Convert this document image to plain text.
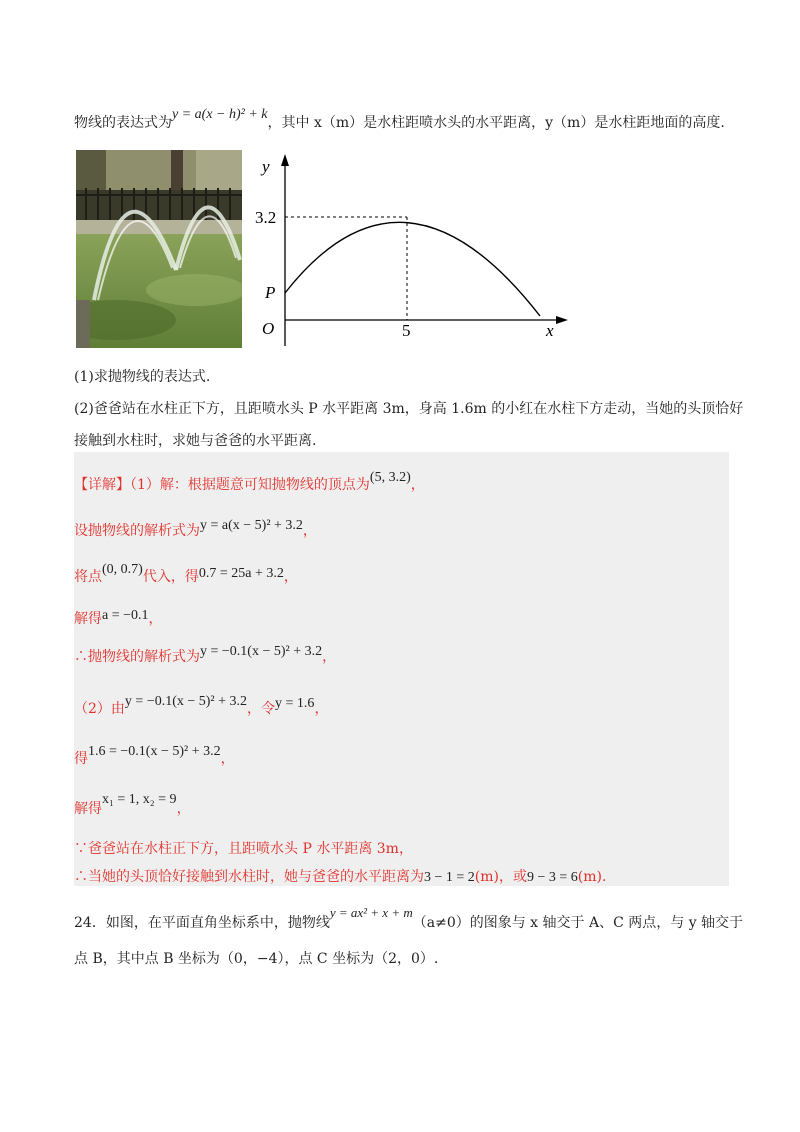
物线的表达式为y = a(x − h)² + k，其中 x（m）是水柱距喷水头的水平距离，y（m）是水柱距地面的高度.
y
x
O
P
3.2
5
(1)求抛物线的表达式.
(2)爸爸站在水柱正下方，且距喷水头 P 水平距离 3m，身高 1.6m 的小红在水柱下方走动，当她的头顶恰好
接触到水柱时，求她与爸爸的水平距离.
【详解】（1）解：根据题意可知抛物线的顶点为(5, 3.2)，
设抛物线的解析式为y = a(x − 5)² + 3.2，
将点(0, 0.7)代入，得0.7 = 25a + 3.2，
解得a = −0.1，
∴抛物线的解析式为y = −0.1(x − 5)² + 3.2，
（2）由y = −0.1(x − 5)² + 3.2，令y = 1.6，
得1.6 = −0.1(x − 5)² + 3.2，
解得x₁ = 1, x₂ = 9，
∵爸爸站在水柱正下方，且距喷水头 P 水平距离 3m，
∴当她的头顶恰好接触到水柱时，她与爸爸的水平距离为3 − 1 = 2(m)，或9 − 3 = 6(m).
24．如图，在平面直角坐标系中，抛物线y = ax² + x + m（a≠0）的图象与 x 轴交于 A、C 两点，与 y 轴交于
点 B，其中点 B 坐标为（0，−4），点 C 坐标为（2，0）.
